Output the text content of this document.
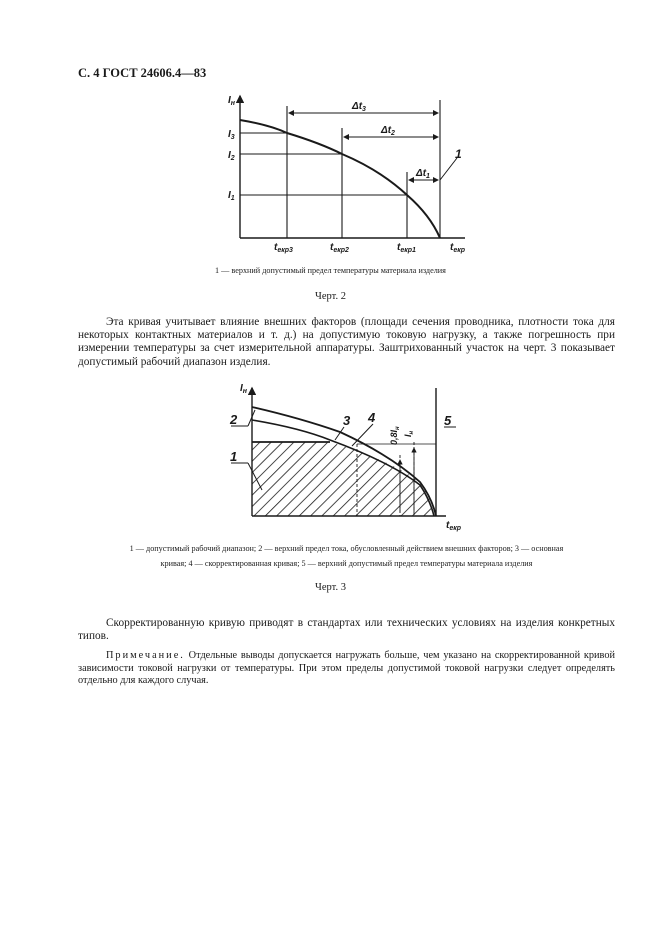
С. 4 ГОСТ 24606.4—83
$I_н$
$I_3$
$I_2$
$I_1$
$t_{екр3}$	$t_{екр2}$	$t_{екр1}$	$t_{екр}$
$\Delta t_3$
$\Delta t_2$
$\Delta t_1$
1
$I_н$
$t_{екр}$
2
1
3 4	5
$0,8I_н$
$I_н$
1 — верхний допустимый предел температуры материала изделия
Черт. 2
Эта кривая учитывает влияние внешних факторов (площади сечения проводника, плотности тока для некоторых контактных материалов и т. д.) на допустимую токовую нагрузку, а также погрешность при измерении температуры за счет измерительной аппаратуры. Заштрихованный участок на черт. 3 показывает допустимый рабочий диапазон изделия.
1 — допустимый рабочий диапазон; 2 — верхний предел тока, обусловленный действием внешних факторов; 3 — основная
кривая; 4 — скорректированная кривая; 5 — верхний допустимый предел температуры материала изделия
Черт. 3
Скорректированную кривую приводят в стандартах или технических условиях на изделия конкретных типов.
Примечание. Отдельные выводы допускается нагружать больше, чем указано на скорректированной кривой зависимости токовой нагрузки от температуры. При этом пределы допустимой токовой нагрузки следует определять отдельно для каждого случая.
